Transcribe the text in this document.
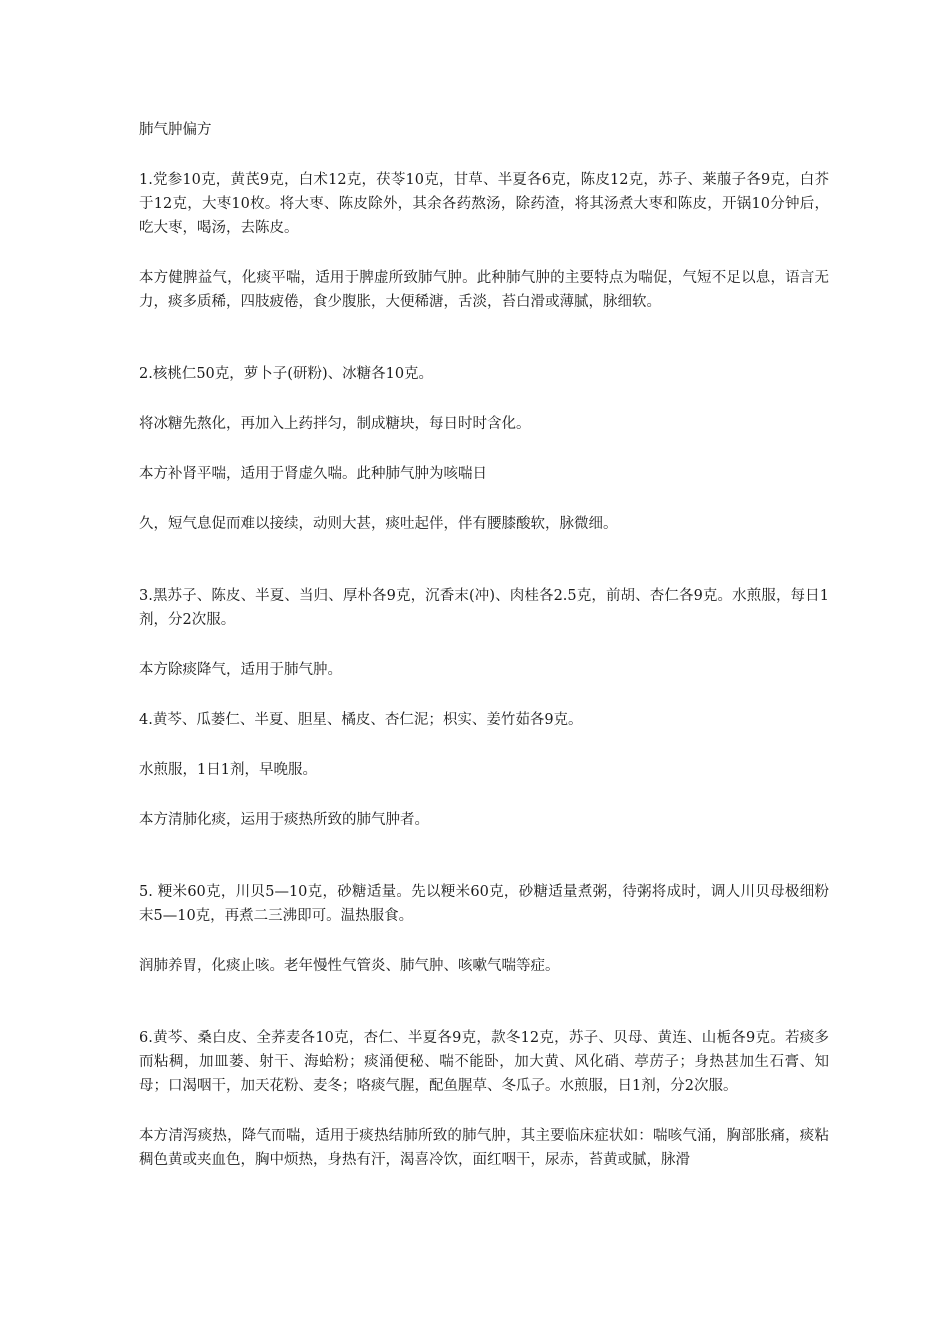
肺气肿偏方
1.党参10克，黄芪9克，白术12克，茯苓10克，甘草、半夏各6克，陈皮12克，苏子、莱菔子各9克，白芥于12克，大枣10枚。将大枣、陈皮除外，其余各药熬汤，除药渣，将其汤煮大枣和陈皮，开锅10分钟后，吃大枣，喝汤，去陈皮。
本方健脾益气，化痰平喘，适用于脾虚所致肺气肿。此种肺气肿的主要特点为喘促，气短不足以息，语言无力，痰多质稀，四肢疲倦，食少腹胀，大便稀溏，舌淡，苔白滑或薄腻，脉细软。
2.核桃仁50克，萝卜子(研粉)、冰糖各10克。
将冰糖先熬化，再加入上药拌匀，制成糖块，每日时时含化。
本方补肾平喘，适用于肾虚久喘。此种肺气肿为咳喘日
久，短气息促而难以接续，动则大甚，痰吐起伴，伴有腰膝酸软，脉微细。
3.黑苏子、陈皮、半夏、当归、厚朴各9克，沉香末(冲)、肉桂各2.5克，前胡、杏仁各9克。水煎服，每日1剂，分2次服。
本方除痰降气，适用于肺气肿。
4.黄芩、瓜蒌仁、半夏、胆星、橘皮、杏仁泥；枳实、姜竹茹各9克。
水煎服，1日1剂，早晚服。
本方清肺化痰，运用于痰热所致的肺气肿者。
5. 粳米60克，川贝5—10克，砂糖适量。先以粳米60克，砂糖适量煮粥，待粥将成时，调人川贝母极细粉末5—10克，再煮二三沸即可。温热服食。
润肺养胃，化痰止咳。老年慢性气管炎、肺气肿、咳嗽气喘等症。
6.黄芩、桑白皮、全荞麦各10克，杏仁、半夏各9克，款冬12克，苏子、贝母、黄连、山栀各9克。若痰多而粘稠，加皿蒌、射干、海蛤粉；痰涌便秘、喘不能卧，加大黄、风化硝、葶苈子；身热甚加生石膏、知母；口渴咽干，加天花粉、麦冬；咯痰气腥，配鱼腥草、冬瓜子。水煎服，日1剂，分2次服。
本方清泻痰热，降气而喘，适用于痰热结肺所致的肺气肿，其主要临床症状如：喘咳气涌，胸部胀痛，痰粘稠色黄或夹血色，胸中烦热，身热有汗，渴喜冷饮，面红咽干，尿赤，苔黄或腻，脉滑
